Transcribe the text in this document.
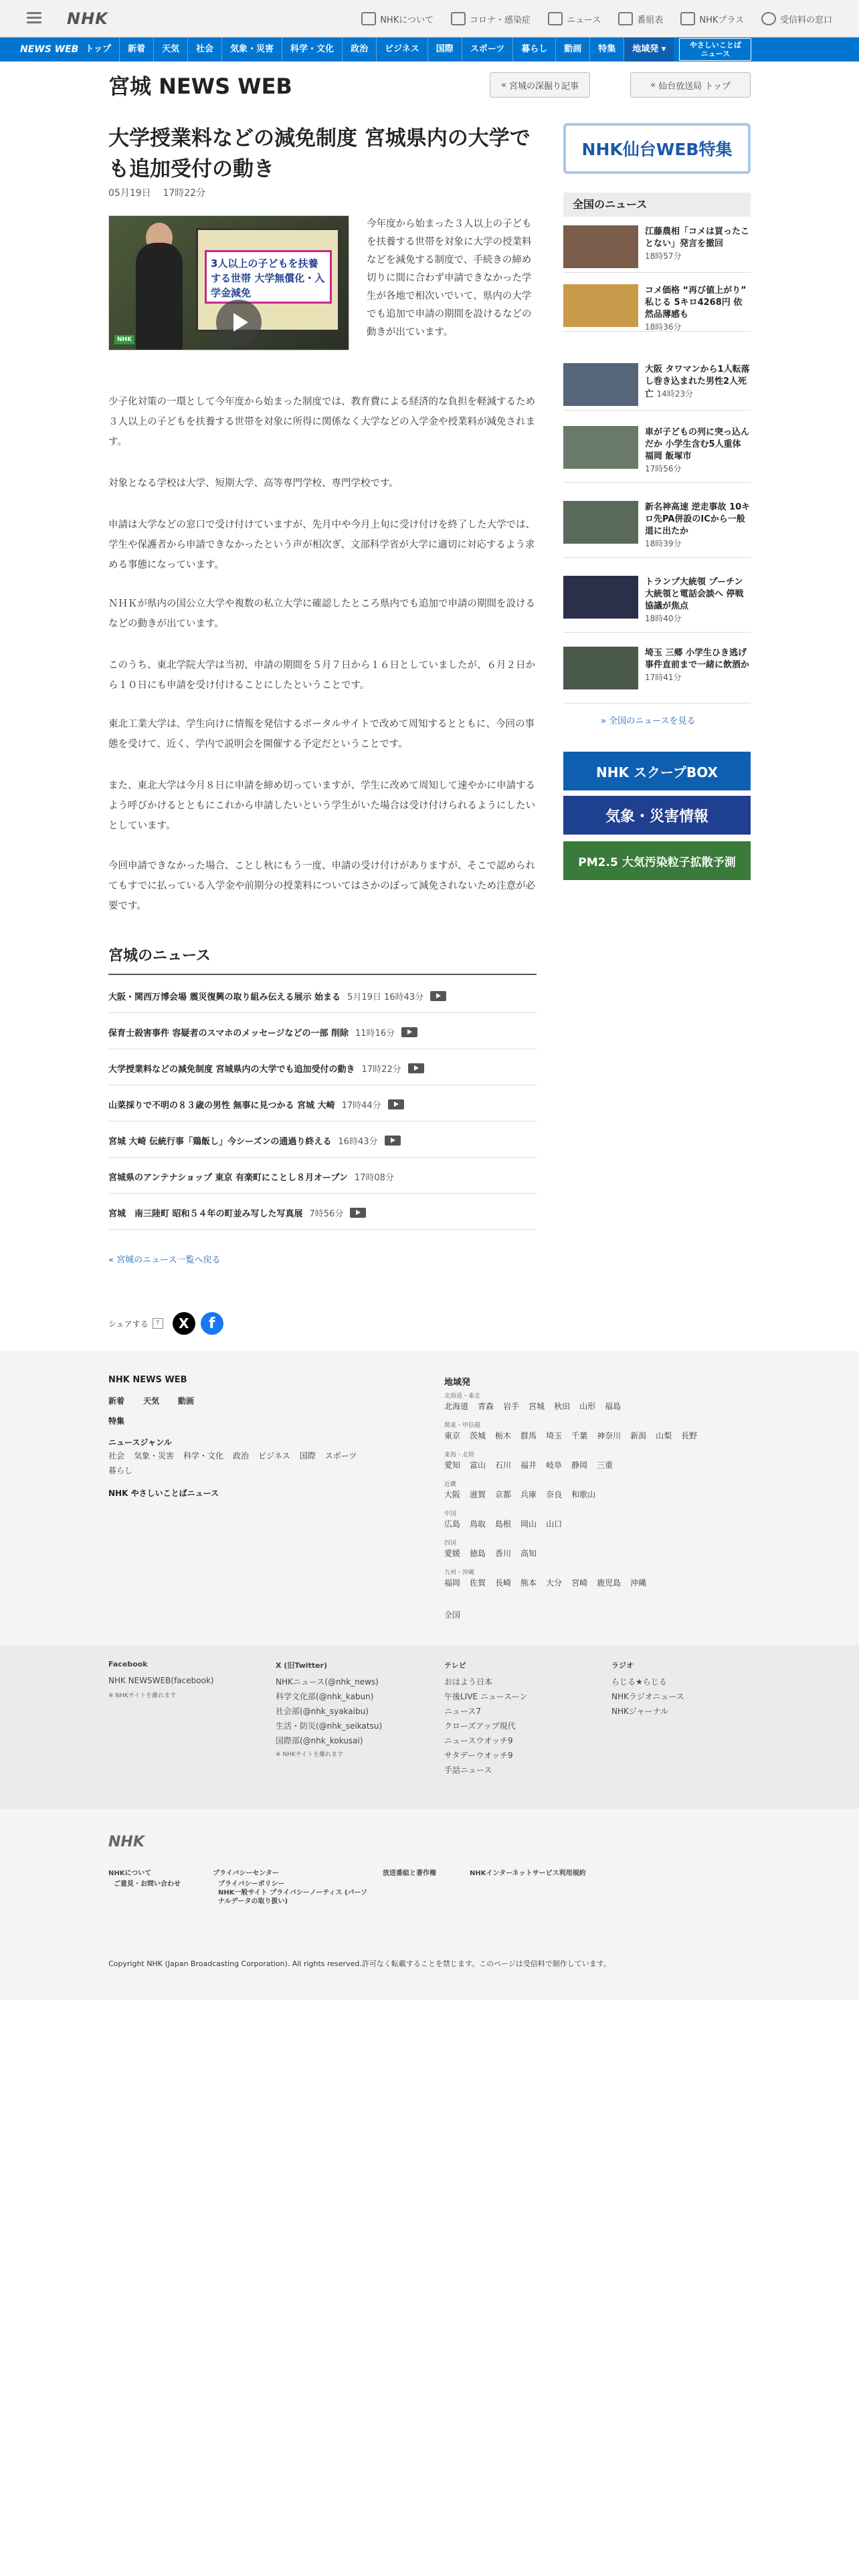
NHK	NHKについて	コロナ・感染症	ニュース	番組表	NHKプラス	受信料の窓口
NEWS WEB トップ	新着	天気	社会	気象・災害	科学・文化	政治	ビジネス	国際	スポーツ	暮らし	動画	特集	地域発 ▾	やさしいことば ニュース
宮城 NEWS WEB	« 宮城の深掘り記事	« 仙台放送局 トップ
大学授業料などの減免制度 宮城県内の大学でも追加受付の動き
05月19日 17時22分
3人以上の子どもを扶養する世帯 大学無償化・入学金減免
NHK
今年度から始まった３人以上の子どもを扶養する世帯を対象に大学の授業料などを減免する制度で、手続きの締め切りに間に合わず申請できなかった学生が各地で相次いでいて、県内の大学でも追加で申請の期間を設けるなどの動きが出ています。
少子化対策の一環として今年度から始まった制度では、教育費による経済的な負担を軽減するため３人以上の子どもを扶養する世帯を対象に所得に関係なく大学などの入学金や授業料が減免されます。
対象となる学校は大学、短期大学、高等専門学校、専門学校です。
申請は大学などの窓口で受け付けていますが、先月中や今月上旬に受け付けを終了した大学では、学生や保護者から申請できなかったという声が相次ぎ、文部科学省が大学に適切に対応するよう求める事態になっています。
ＮＨＫが県内の国公立大学や複数の私立大学に確認したところ県内でも追加で申請の期間を設けるなどの動きが出ています。
このうち、東北学院大学は当初、申請の期間を５月７日から１６日としていましたが、６月２日から１０日にも申請を受け付けることにしたということです。
東北工業大学は、学生向けに情報を発信するポータルサイトで改めて周知するとともに、今回の事態を受けて、近く、学内で説明会を開催する予定だということです。
また、東北大学は今月８日に申請を締め切っていますが、学生に改めて周知して速やかに申請するよう呼びかけるとともにこれから申請したいという学生がいた場合は受け付けられるようにしたいとしています。
今回申請できなかった場合、ことし秋にもう一度、申請の受け付けがありますが、そこで認められてもすでに払っている入学金や前期分の授業料についてはさかのぼって減免されないため注意が必要です。
宮城のニュース
大阪・関西万博会場 震災復興の取り組み伝える展示 始まる 5月19日 16時43分
保育士殺害事件 容疑者のスマホのメッセージなどの一部 削除 11時16分
大学授業料などの減免制度 宮城県内の大学でも追加受付の動き 17時22分
山菜採りで不明の８３歳の男性 無事に見つかる 宮城 大崎 17時44分
宮城 大崎 伝統行事「鶏飯し」今シーズンの通過り終える 16時43分
宮城県のアンテナショップ 東京 有楽町にことし８月オープン 17時08分
宮城　南三陸町 昭和５４年の町並み写した写真展 7時56分
« 宮城のニュース一覧へ戻る
シェアする	?	X	f
NHK仙台WEB特集
全国のニュース
江藤農相「コメは買ったことない」発言を撤回
18時57分
コメ価格 “再び値上がり” 私じる 5キロ4268円 依然品薄感も
18時36分
大阪 タワマンから1人転落し巻き込まれた男性2人死亡 14時23分
車が子どもの列に突っ込んだか 小学生含む5人重体 福岡 飯塚市
17時56分
新名神高速 逆走事故 10キロ先PA併設のICから一般道に出たか
18時39分
トランプ大統領 プーチン大統領と電話会談へ 停戦協議が焦点
18時40分
埼玉 三郷 小学生ひき逃げ 事件直前まで一緒に飲酒か
17時41分
» 全国のニュースを見る
NHK スクープBOX
気象・災害情報
PM2.5 大気汚染粒子拡散予測
NHK NEWS WEB
新着 天気 動画
特集
ニュースジャンル
社会 気象・災害 科学・文化 政治 ビジネス 国際 スポーツ
暮らし
NHK やさしいことばニュース
地域発
北海道・東北
北海道 青森 岩手 宮城 秋田 山形 福島
関東・甲信越
東京 茨城 栃木 群馬 埼玉 千葉 神奈川 新潟 山梨 長野
東海・北陸
愛知 富山 石川 福井 岐阜 静岡 三重
近畿
大阪 滋賀 京都 兵庫 奈良 和歌山
中国
広島 鳥取 島根 岡山 山口
四国
愛媛 徳島 香川 高知
九州・沖縄
福岡 佐賀 長崎 熊本 大分 宮崎 鹿児島 沖縄
全国
Facebook
NHK NEWSWEB(facebook)
※ NHKサイトを離れます
X (旧Twitter)
NHKニュース(@nhk_news)
科学文化部(@nhk_kabun)
社会部(@nhk_syakaibu)
生活・防災(@nhk_seikatsu)
国際部(@nhk_kokusai)
※ NHKサイトを離れます
テレビ
おはよう日本
午後LIVE ニュースーン
ニュース7
クローズアップ現代
ニュースウオッチ9
サタデーウオッチ9
手話ニュース
ラジオ
らじる★らじる
NHKラジオニュース
NHKジャーナル
NHK
NHKについて
ご意見・お問い合わせ
プライバシーセンター
プライバシーポリシー
NHK一般サイト プライバシーノーティス (パーソナルデータの取り扱い)
放送番組と著作権	NHKインターネットサービス利用規約
Copyright NHK (Japan Broadcasting Corporation). All rights reserved.許可なく転載することを禁じます。このページは受信料で制作しています。
